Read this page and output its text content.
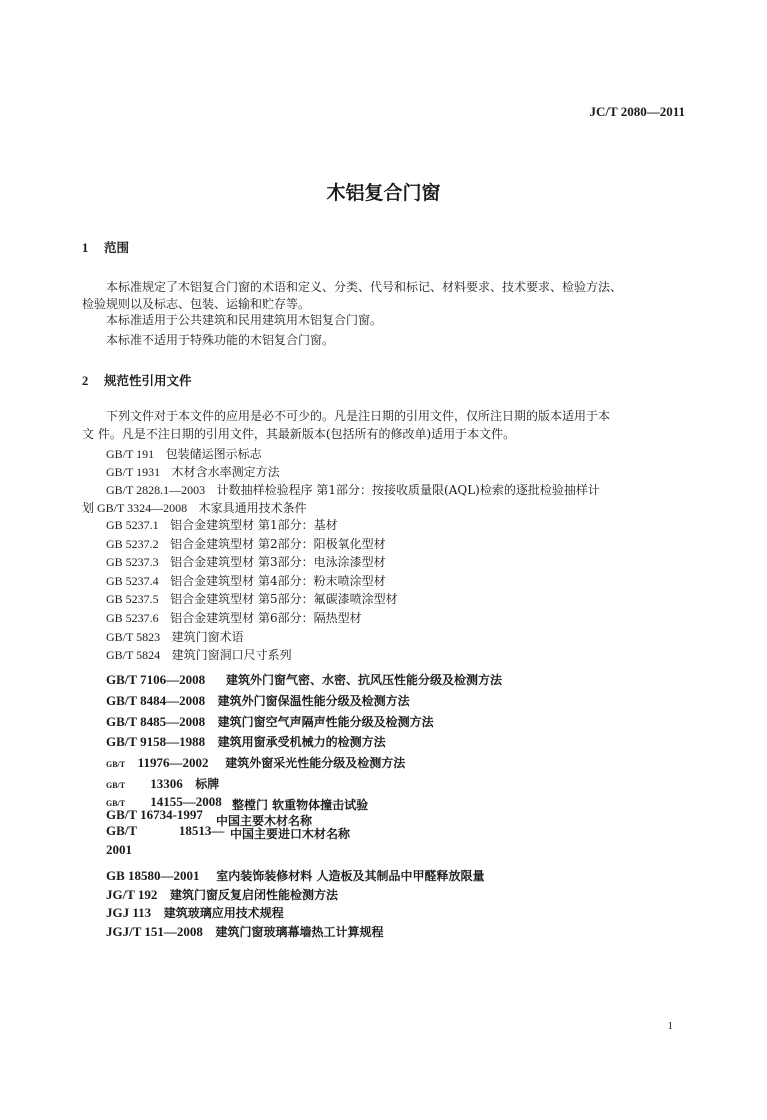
JC/T 2080—2011
木铝复合门窗
1 范围
本标准规定了木铝复合门窗的术语和定义、分类、代号和标记、材料要求、技术要求、检验方法、
检验规则以及标志、包装、运输和贮存等。
本标准适用于公共建筑和民用建筑用木铝复合门窗。
本标准不适用于特殊功能的木铝复合门窗。
2 规范性引用文件
下列文件对于本文件的应用是必不可少的。凡是注日期的引用文件，仅所注日期的版本适用于本
文 件。凡是不注日期的引用文件，其最新版本(包括所有的修改单)适用于本文件。
GB/T 191 包装储运图示标志
GB/T 1931 木材含水率测定方法
GB/T 2828.1—2003 计数抽样检验程序 第1部分：按接收质量限(AQL)检索的逐批检验抽样计
划 GB/T 3324—2008 木家具通用技术条件
GB 5237.1 铝合金建筑型材 第1部分：基材
GB 5237.2 铝合金建筑型材 第2部分：阳极氧化型材
GB 5237.3 铝合金建筑型材 第3部分：电泳涂漆型材
GB 5237.4 铝合金建筑型材 第4部分：粉末喷涂型材
GB 5237.5 铝合金建筑型材 第5部分：氟碳漆喷涂型材
GB 5237.6 铝合金建筑型材 第6部分：隔热型材
GB/T 5823 建筑门窗术语
GB/T 5824 建筑门窗洞口尺寸系列
GB/T 7106—2008 建筑外门窗气密、水密、抗风压性能分级及检测方法
GB/T 8484—2008 建筑外门窗保温性能分级及检测方法
GB/T 8485—2008 建筑门窗空气声隔声性能分级及检测方法
GB/T 9158—1988 建筑用窗承受机械力的检测方法
GB/T 11976—2002 建筑外窗采光性能分级及检测方法
GB/T 13306 标牌
GB/T 14155—2008 整樘门 软重物体撞击试验
GB/T 16734-1997 中国主要木材名称
GB/T	18513— 中国主要进口木材名称
2001
GB 18580—2001 室内装饰装修材料 人造板及其制品中甲醛释放限量
JG/T 192 建筑门窗反复启闭性能检测方法
JGJ 113 建筑玻璃应用技术规程
JGJ/T 151—2008 建筑门窗玻璃幕墙热工计算规程
1
